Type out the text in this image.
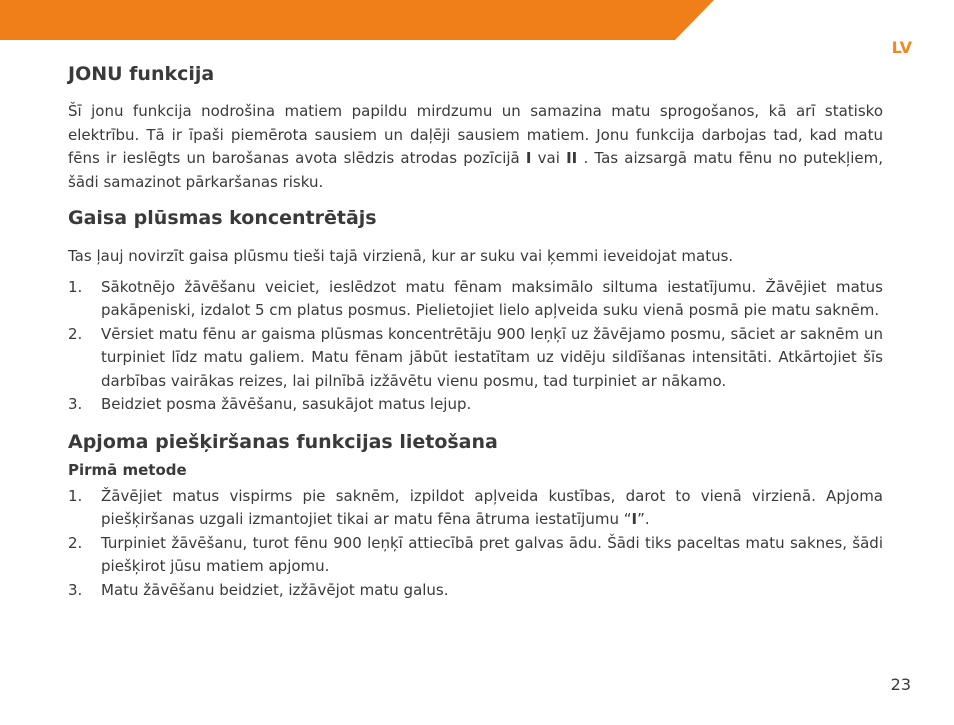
LV
JONU funkcija

Šī jonu funkcija nodrošina matiem papildu mirdzumu un samazina matu sprogošanos, kā arī statisko elektrību. Tā ir īpaši piemērota sausiem un daļēji sausiem matiem. Jonu funkcija darbojas tad, kad matu fēns ir ieslēgts un barošanas avota slēdzis atrodas pozīcijā I vai II . Tas aizsargā matu fēnu no putekļiem, šādi samazinot pārkaršanas risku.

Gaisa plūsmas koncentrētājs

Tas ļauj novirzīt gaisa plūsmu tieši tajā virzienā, kur ar suku vai ķemmi ieveidojat matus.

1. Sākotnējo žāvēšanu veiciet, ieslēdzot matu fēnam maksimālo siltuma iestatījumu. Žāvējiet matus pakāpeniski, izdalot 5 cm platus posmus. Pielietojiet lielo apļveida suku vienā posmā pie matu saknēm.
2. Vērsiet matu fēnu ar gaisma plūsmas koncentrētāju 900 leņķī uz žāvējamo posmu, sāciet ar saknēm un turpiniet līdz matu galiem. Matu fēnam jābūt iestatītam uz vidēju sildīšanas intensitāti. Atkārtojiet šīs darbības vairākas reizes, lai pilnībā izžāvētu vienu posmu, tad turpiniet ar nākamo.
3. Beidziet posma žāvēšanu, sasukājot matus lejup.
Apjoma piešķiršanas funkcijas lietošana
Pirmā metode
1. Žāvējiet matus vispirms pie saknēm, izpildot apļveida kustības, darot to vienā virzienā. Apjoma piešķiršanas uzgali izmantojiet tikai ar matu fēna ātruma iestatījumu “I”.
2. Turpiniet žāvēšanu, turot fēnu 900 leņķī attiecībā pret galvas ādu. Šādi tiks paceltas matu saknes, šādi piešķirot jūsu matiem apjomu.
3. Matu žāvēšanu beidziet, izžāvējot matu galus.
23
